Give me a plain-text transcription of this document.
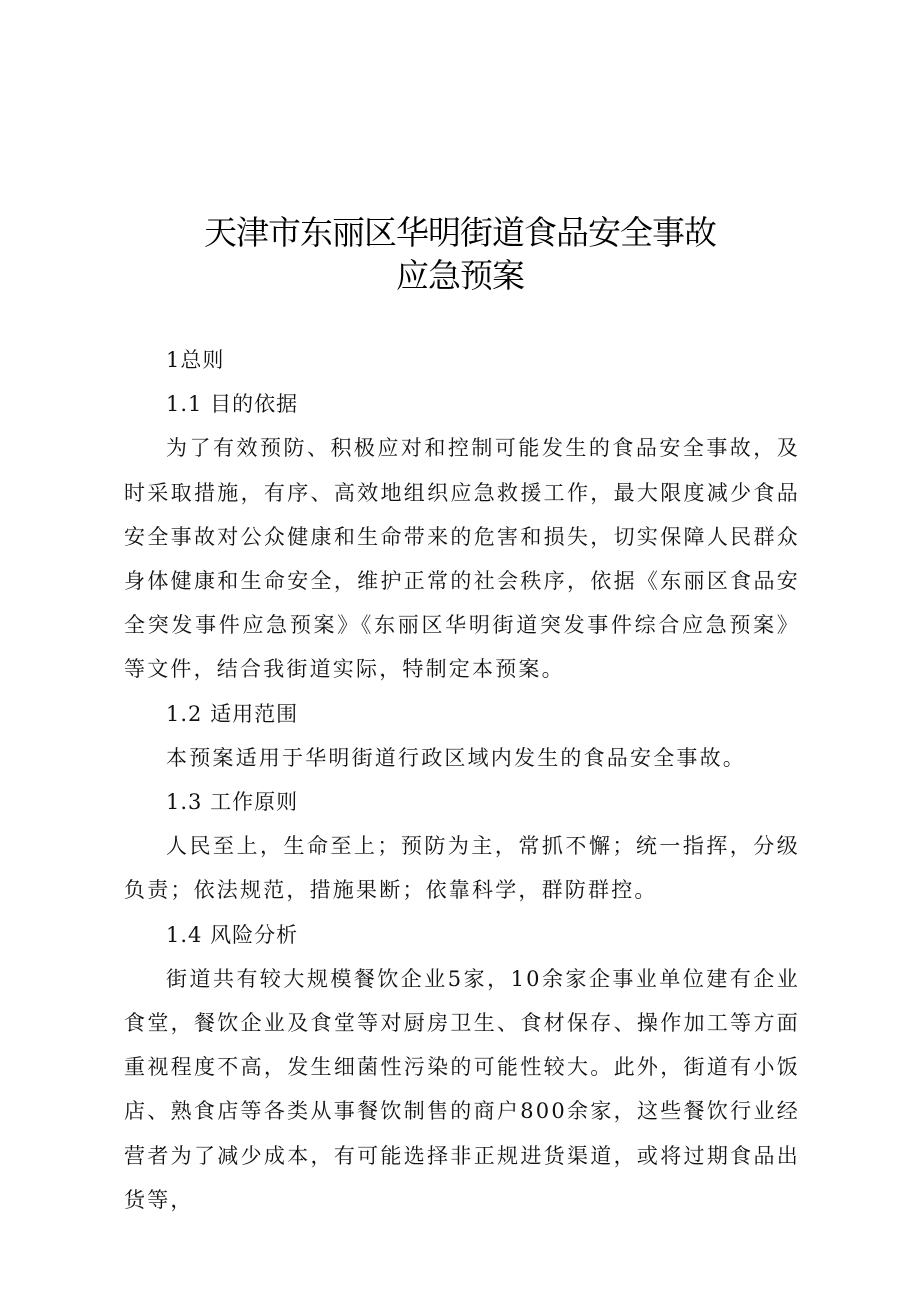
天津市东丽区华明街道食品安全事故
应急预案

1总则

1.1 目的依据

为了有效预防、积极应对和控制可能发生的食品安全事故，及时采取措施，有序、高效地组织应急救援工作，最大限度减少食品安全事故对公众健康和生命带来的危害和损失，切实保障人民群众身体健康和生命安全，维护正常的社会秩序，依据《东丽区食品安全突发事件应急预案》《东丽区华明街道突发事件综合应急预案》等文件，结合我街道实际，特制定本预案。

1.2 适用范围

本预案适用于华明街道行政区域内发生的食品安全事故。

1.3 工作原则

人民至上，生命至上；预防为主，常抓不懈；统一指挥，分级负责；依法规范，措施果断；依靠科学，群防群控。

1.4 风险分析

街道共有较大规模餐饮企业5家，10余家企事业单位建有企业食堂，餐饮企业及食堂等对厨房卫生、食材保存、操作加工等方面重视程度不高，发生细菌性污染的可能性较大。此外，街道有小饭店、熟食店等各类从事餐饮制售的商户800余家，这些餐饮行业经营者为了减少成本，有可能选择非正规进货渠道，或将过期食品出货等，
